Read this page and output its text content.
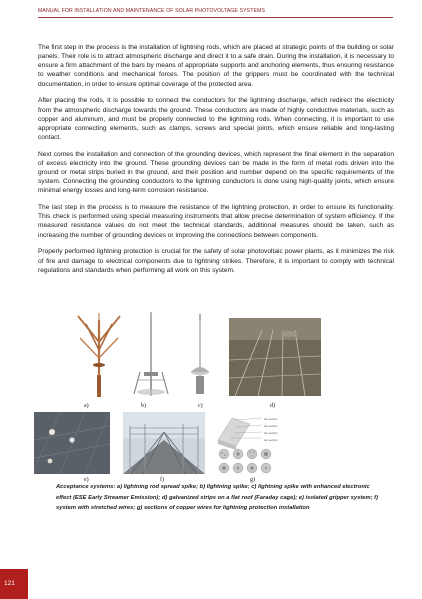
MANUAL FOR INSTALLATION AND MAINTENANCE OF SOLAR PHOTOVOLTAGE SYSTEMS

The first step in the process is the installation of lightning rods, which are placed at strategic points of the building or solar panels. Their role is to attract atmospheric discharge and direct it to a safe drain. During the installation, it is necessary to ensure a firm attachment of the bars by means of appropriate supports and anchoring elements, thus ensuring resistance to weather conditions and mechanical forces. The position of the grippers must be coordinated with the technical documentation, in order to ensure optimal coverage of the protected area.

After placing the rods, it is possible to connect the conductors for the lightning discharge, which redirect the electricity from the atmospheric discharge towards the ground. These conductors are made of highly conductive materials, such as copper and aluminum, and must be properly connected to the lightning rods. When connecting, it is important to use appropriate connecting elements, such as clamps, screws and special joints, which ensure reliable and long-lasting contact.

Next comes the installation and connection of the grounding devices, which represent the final element in the separation of excess electricity into the ground. These grounding devices can be made in the form of metal rods driven into the ground or metal strips buried in the ground, and their position and number depend on the specific requirements of the system. Connecting the grounding conductors to the lightning conductors is done using high-quality joints, which ensure minimal energy losses and long-term corrosion resistance.

The last step in the process is to measure the resistance of the lightning protection, in order to ensure its functionality. This check is performed using special measuring instruments that allow precise determination of system efficiency. If the measured resistance values do not meet the technical standards, additional measures should be taken, such as increasing the number of grounding devices or improving the connections between components.

Properly performed lightning protection is crucial for the safety of solar photovoltaic power plants, as it minimizes the risk of fire and damage to electrical components due to lightning strikes. Therefore, it is important to comply with technical regulations and standards when performing all work on this system.

tier section
tier section
tier section
tier section
a)	b)	c)	d)
e)	f)	g)
Acceptance systems: a) lightning rod spread spike; b) lightning spike; c) lightning spike with enhanced electronic effect (ESE Early Streamer Emission); d) galvanized strips on a flat roof (Faraday cage); e) isolated gripper system; f) system with stretched wires; g) sections of copper wires for lightning protection installation
121
